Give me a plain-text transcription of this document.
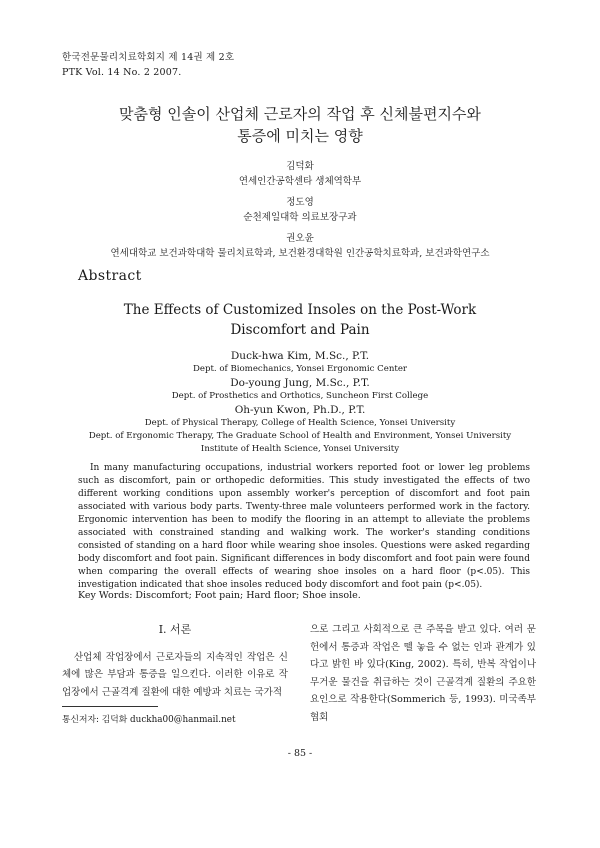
한국전문물리치료학회지 제 14권 제 2호
PTK Vol. 14 No. 2 2007.
맞춤형 인솔이 산업체 근로자의 작업 후 신체불편지수와
통증에 미치는 영향
김덕화
연세인간공학센타 생체역학부
정도영
순천제일대학 의료보장구과
권오윤
연세대학교 보건과학대학 물리치료학과, 보건환경대학원 인간공학치료학과, 보건과학연구소
Abstract
The Effects of Customized Insoles on the Post-Work
Discomfort and Pain
Duck-hwa Kim, M.Sc., P.T.
Dept. of Biomechanics, Yonsei Ergonomic Center
Do-young Jung, M.Sc., P.T.
Dept. of Prosthetics and Orthotics, Suncheon First College
Oh-yun Kwon, Ph.D., P.T.
Dept. of Physical Therapy, College of Health Science, Yonsei University
Dept. of Ergonomic Therapy, The Graduate School of Health and Environment, Yonsei University
Institute of Health Science, Yonsei University
In many manufacturing occupations, industrial workers reported foot or lower leg problems such as discomfort, pain or orthopedic deformities. This study investigated the effects of two different working conditions upon assembly worker's perception of discomfort and foot pain associated with various body parts. Twenty-three male volunteers performed work in the factory. Ergonomic intervention has been to modify the flooring in an attempt to alleviate the problems associated with constrained standing and walking work. The worker's standing conditions consisted of standing on a hard floor while wearing shoe insoles. Questions were asked regarding body discomfort and foot pain. Significant differences in body discomfort and foot pain were found when comparing the overall effects of wearing shoe insoles on a hard floor (p<.05). This investigation indicated that shoe insoles reduced body discomfort and foot pain (p<.05).
Key Words: Discomfort; Foot pain; Hard floor; Shoe insole.
Ⅰ. 서론

산업체 작업장에서 근로자들의 지속적인 작업은 신체에 많은 부담과 통증을 일으킨다. 이러한 이유로 작업장에서 근골격계 질환에 대한 예방과 치료는 국가적

으로 그리고 사회적으로 큰 주목을 받고 있다. 여러 문헌에서 통증과 작업은 뗄 놓을 수 없는 인과 관계가 있다고 밝힌 바 있다(King, 2002). 특히, 반복 작업이나 무거운 물건을 취급하는 것이 근골격계 질환의 주요한 요인으로 작용한다(Sommerich 등, 1993). 미국족부협회

통신저자: 김덕화 duckha00@hanmail.net
- 85 -
